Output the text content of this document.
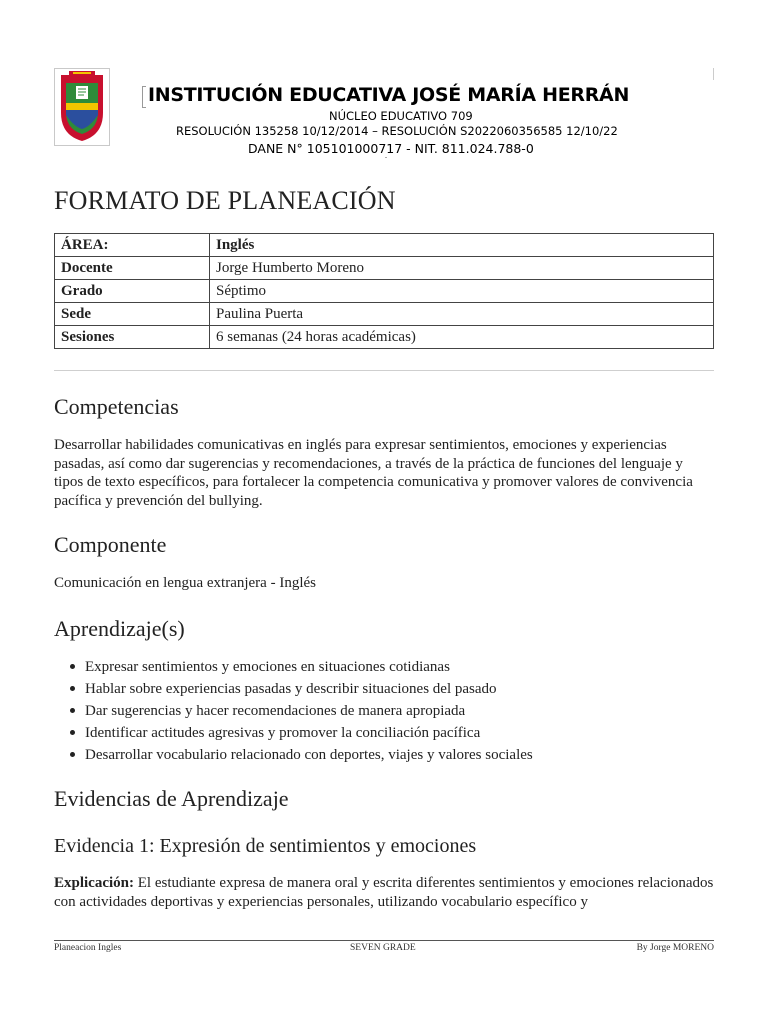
INSTITUCIÓN EDUCATIVA JOSÉ MARÍA HERRÁN
NÚCLEO EDUCATIVO 709
RESOLUCIÓN 135258 10/12/2014 – RESOLUCIÓN S2022060356585 12/10/22
DANE N° 105101000717 - NIT. 811.024.788-0
FORMATO DE PLANEACIÓN
ÁREA:	Inglés
Docente	Jorge Humberto Moreno
Grado	Séptimo
Sede	Paulina Puerta
Sesiones	6 semanas (24 horas académicas)
Competencias

Desarrollar habilidades comunicativas en inglés para expresar sentimientos, emociones y experiencias pasadas, así como dar sugerencias y recomendaciones, a través de la práctica de funciones del lenguaje y tipos de texto específicos, para fortalecer la competencia comunicativa y promover valores de convivencia pacífica y prevención del bullying.

Componente

Comunicación en lengua extranjera - Inglés

Aprendizaje(s)
Expresar sentimientos y emociones en situaciones cotidianas
Hablar sobre experiencias pasadas y describir situaciones del pasado
Dar sugerencias y hacer recomendaciones de manera apropiada
Identificar actitudes agresivas y promover la conciliación pacífica
Desarrollar vocabulario relacionado con deportes, viajes y valores sociales
Evidencias de Aprendizaje
Evidencia 1: Expresión de sentimientos y emociones

Explicación: El estudiante expresa de manera oral y escrita diferentes sentimientos y emociones relacionados con actividades deportivas y experiencias personales, utilizando vocabulario específico y

Planeacion Ingles	SEVEN GRADE	By Jorge MORENO
